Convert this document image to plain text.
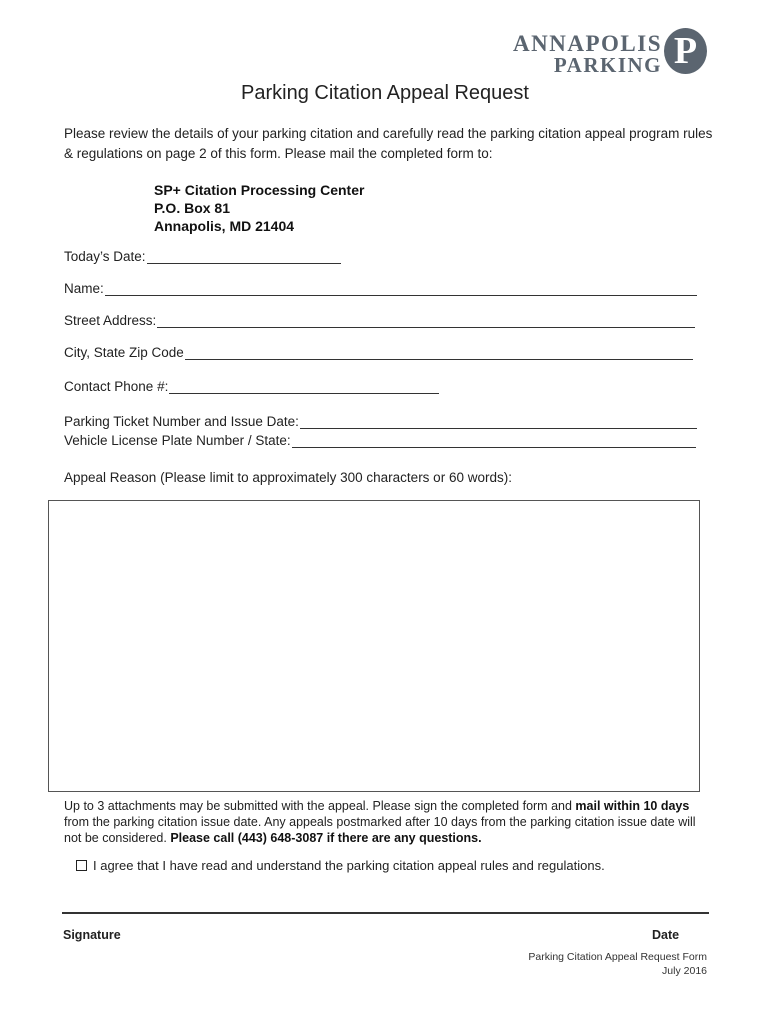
ANNAPOLIS
PARKING P
Parking Citation Appeal Request
Please review the details of your parking citation and carefully read the parking citation appeal program rules & regulations on page 2 of this form. Please mail the completed form to:
SP+ Citation Processing Center
P.O. Box 81
Annapolis, MD 21404
Today’s Date:
Name:
Street Address:
City, State Zip Code
Contact Phone #:
Parking Ticket Number and Issue Date:
Vehicle License Plate Number / State:
Appeal Reason (Please limit to approximately 300 characters or 60 words):
Up to 3 attachments may be submitted with the appeal. Please sign the completed form and mail within 10 days from the parking citation issue date. Any appeals postmarked after 10 days from the parking citation issue date will not be considered. Please call (443) 648-3087 if there are any questions.
I agree that I have read and understand the parking citation appeal rules and regulations.
Signature	Date
Parking Citation Appeal Request Form
July 2016
